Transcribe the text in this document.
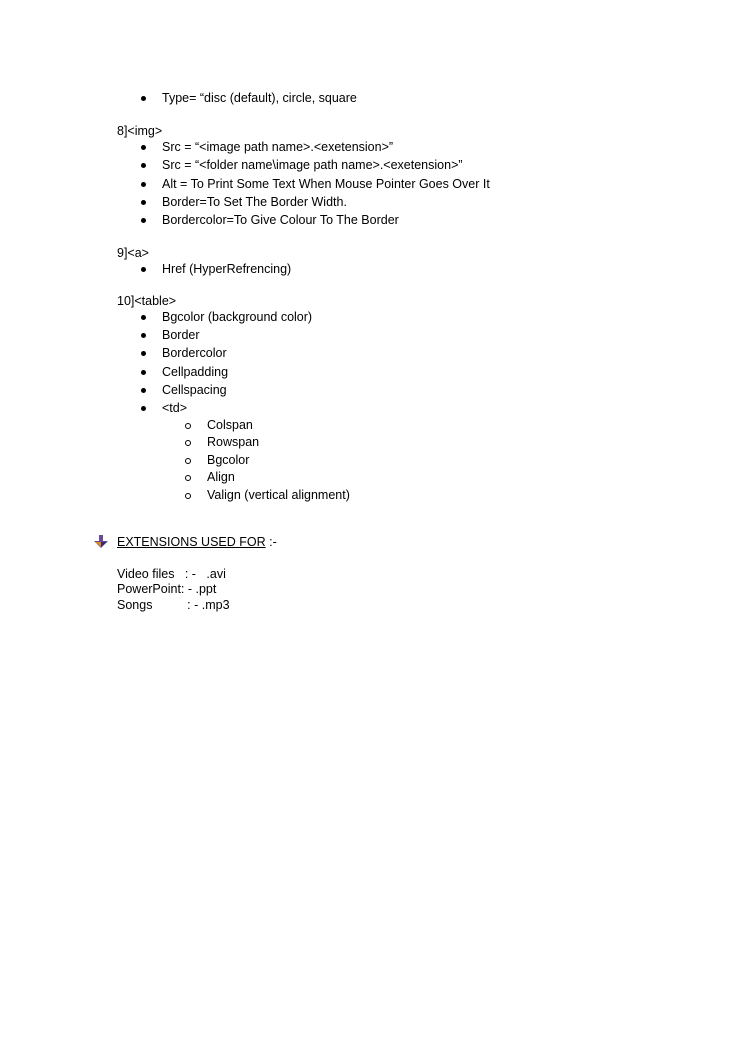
Type= “disc (default), circle, square
8]<img>
Src = “<image path name>.<exetension>”
Src = “<folder name\image path name>.<exetension>”
Alt = To Print Some Text When Mouse Pointer Goes Over It
Border=To Set The Border Width.
Bordercolor=To Give Colour To The Border
9]<a>
Href (HyperRefrencing)
10]<table>
Bgcolor (background color)
Border
Bordercolor
Cellpadding
Cellspacing
<td>
Colspan
Rowspan
Bgcolor
Align
Valign (vertical alignment)
EXTENSIONS USED FOR :-
Video files   : -   .avi
PowerPoint: - .ppt
Songs          : - .mp3
